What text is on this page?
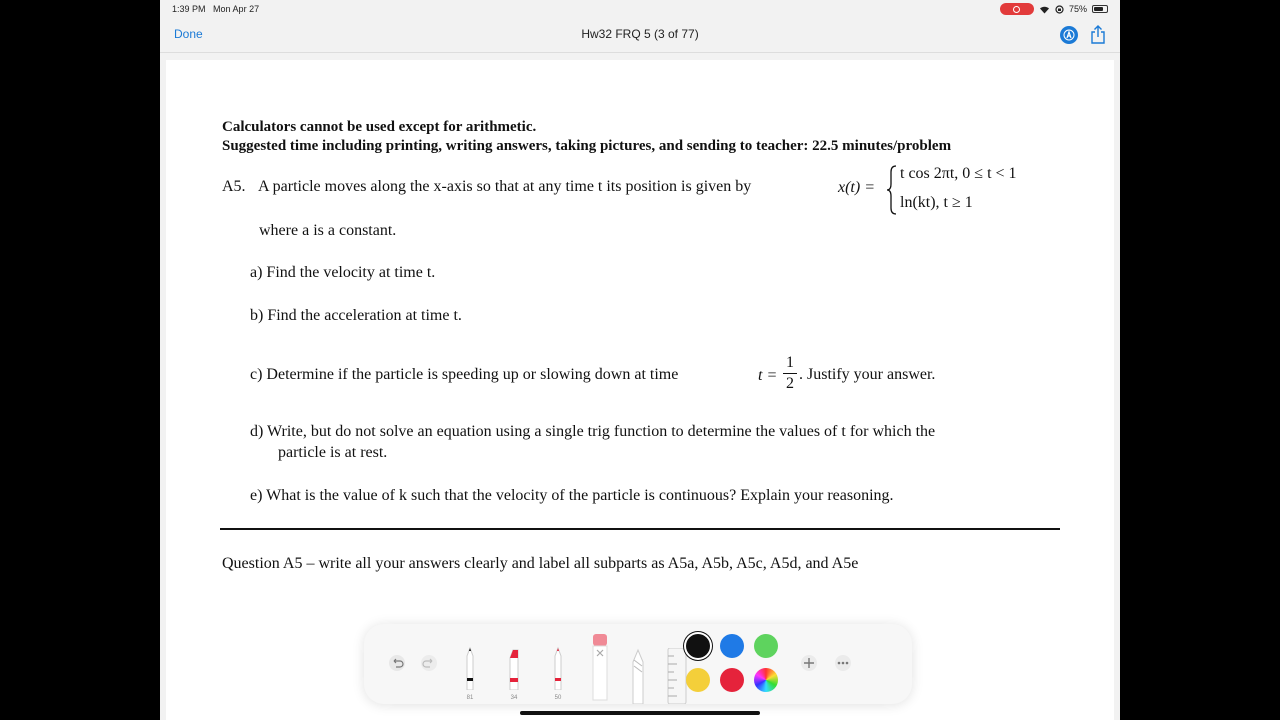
1:39 PM Mon Apr 27	75%
Done	Hw32 FRQ 5 (3 of 77)
Calculators cannot be used except for arithmetic.
Suggested time including printing, writing answers, taking pictures, and sending to teacher: 22.5 minutes/problem
A5. A particle moves along the x-axis so that at any time t its position is given by	x(t) =
t cos 2πt, 0 ≤ t < 1
ln(kt), t ≥ 1
where a is a constant.
a) Find the velocity at time t.
b) Find the acceleration at time t.
c) Determine if the particle is speeding up or slowing down at time	t =
1
2
. Justify your answer.
d) Write, but do not solve an equation using a single trig function to determine the values of t for which the
particle is at rest.
e) What is the value of k such that the velocity of the particle is continuous? Explain your reasoning.
Question A5 – write all your answers clearly and label all subparts as A5a, A5b, A5c, A5d, and A5e
81	34	50
